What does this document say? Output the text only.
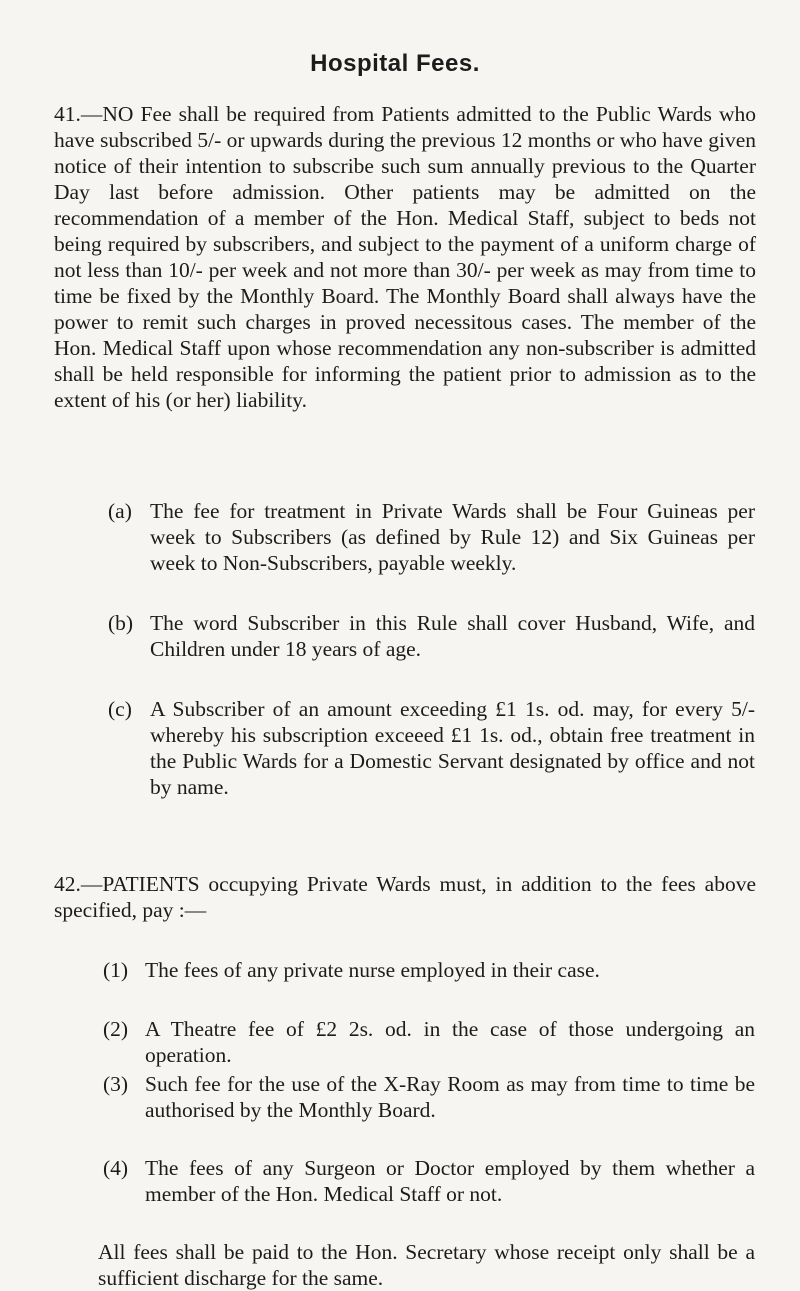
Hospital Fees.
41.—NO Fee shall be required from Patients admitted to the Public Wards who have subscribed 5/- or upwards during the previous 12 months or who have given notice of their intention to subscribe such sum annually previous to the Quarter Day last before admission. Other patients may be admitted on the recommendation of a member of the Hon. Medical Staff, subject to beds not being required by subscribers, and subject to the payment of a uniform charge of not less than 10/- per week and not more than 30/- per week as may from time to time be fixed by the Monthly Board. The Monthly Board shall always have the power to remit such charges in proved necessitous cases. The member of the Hon. Medical Staff upon whose recommendation any non-subscriber is admitted shall be held responsible for informing the patient prior to admission as to the extent of his (or her) liability.
(a) The fee for treatment in Private Wards shall be Four Guineas per week to Subscribers (as defined by Rule 12) and Six Guineas per week to Non-Subscribers, payable weekly.
(b) The word Subscriber in this Rule shall cover Husband, Wife, and Children under 18 years of age.
(c) A Subscriber of an amount exceeding £1 1s. od. may, for every 5/- whereby his subscription exceeed £1 1s. od., obtain free treatment in the Public Wards for a Domestic Servant designated by office and not by name.
42.—PATIENTS occupying Private Wards must, in addition to the fees above specified, pay :—
(1) The fees of any private nurse employed in their case.
(2) A Theatre fee of £2 2s. od. in the case of those undergoing an operation.
(3) Such fee for the use of the X-Ray Room as may from time to time be authorised by the Monthly Board.
(4) The fees of any Surgeon or Doctor employed by them whether a member of the Hon. Medical Staff or not.
All fees shall be paid to the Hon. Secretary whose receipt only shall be a sufficient discharge for the same.
